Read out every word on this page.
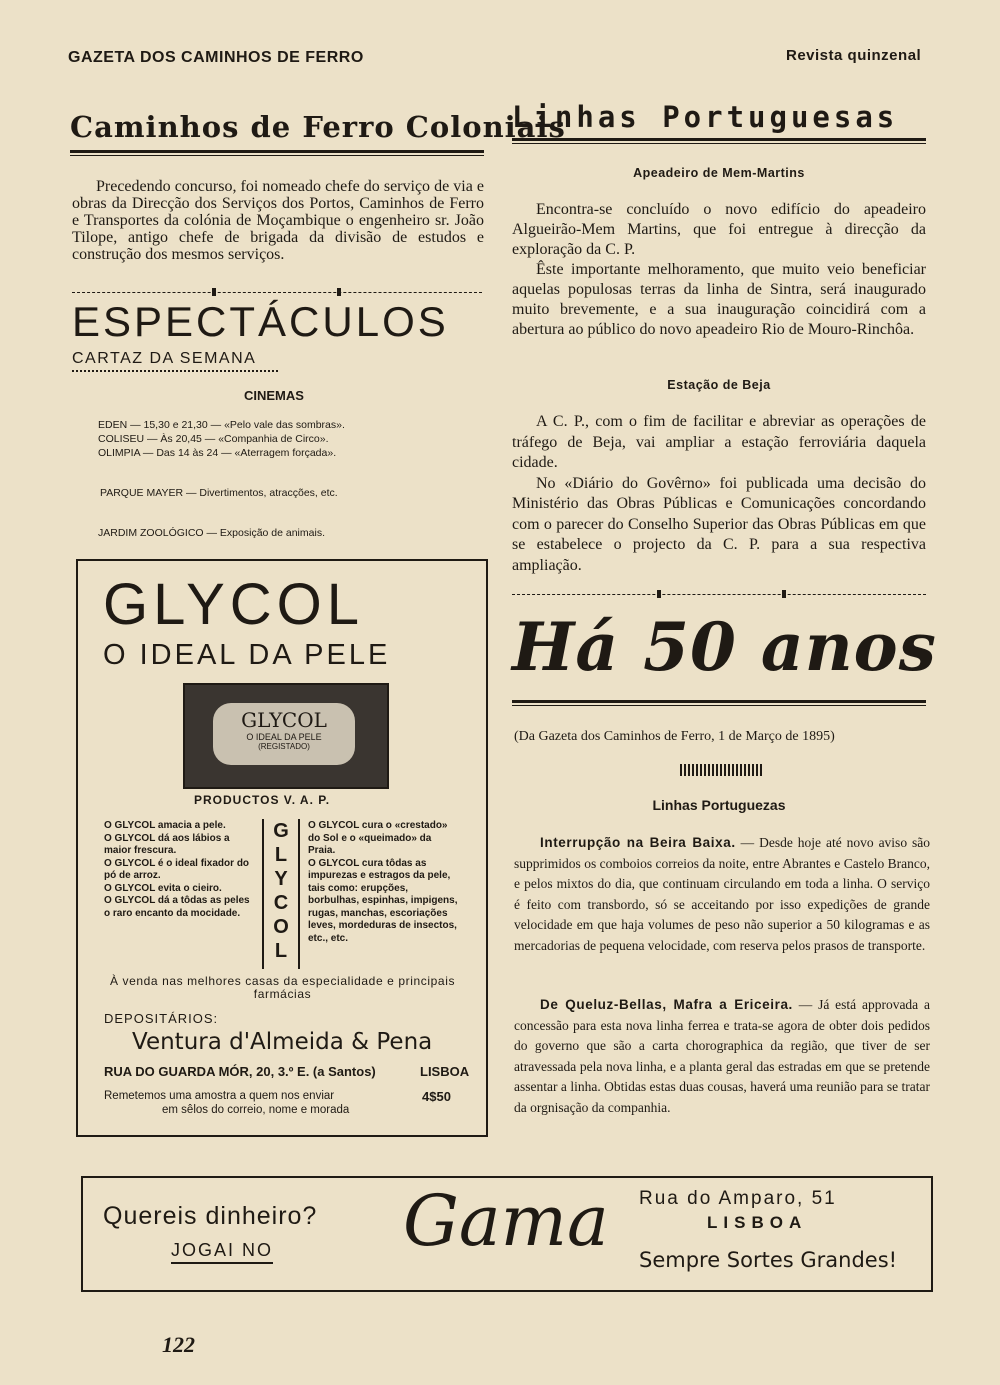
GAZETA DOS CAMINHOS DE FERRO	Revista quinzenal
Caminhos de Ferro Coloniais

Precedendo concurso, foi nomeado chefe do serviço de via e obras da Direcção dos Serviços dos Portos, Caminhos de Ferro e Transportes da colónia de Moçambique o engenheiro sr. João Tilope, antigo chefe de brigada da divisão de estudos e construção dos mesmos serviços.

ESPECTÁCULOS
CARTAZ DA SEMANA
CINEMAS
EDEN — 15,30 e 21,30 — «Pelo vale das sombras».
COLISEU — Às 20,45 — «Companhia de Circo».
OLIMPIA — Das 14 às 24 — «Aterragem forçada».
PARQUE MAYER — Divertimentos, atracções, etc.
JARDIM ZOOLÓGICO — Exposição de animais.
GLYCOL
O IDEAL DA PELE
GLYCOL
O IDEAL DA PELE
(REGISTADO)
PRODUCTOS V. A. P.
O GLYCOL amacia a pele.
O GLYCOL dá aos lábios a maior frescura.
O GLYCOL é o ideal fixador do pó de arroz.
O GLYCOL evita o cieiro.
O GLYCOL dá a tôdas as peles o raro encanto da mocidade.
G
L
Y
C
O
L
O GLYCOL cura o «crestado» do Sol e o «queimado» da Praia.
O GLYCOL cura tôdas as impurezas e estragos da pele, tais como: erupções, borbulhas, espinhas, impigens, rugas, manchas, escoriações leves, mordeduras de insectos, etc., etc.
À venda nas melhores casas da especialidade e principais farmácias
DEPOSITÁRIOS:
Ventura d'Almeida & Pena
RUA DO GUARDA MÓR, 20, 3.º E. (a Santos)	LISBOA
Remetemos uma amostra a quem nos enviar	4$50
em sêlos do correio, nome e morada
Linhas Portuguesas
Apeadeiro de Mem-Martins

Encontra-se concluído o novo edifício do apeadeiro Algueirão-Mem Martins, que foi entregue à direcção da exploração da C. P.

Êste importante melhoramento, que muito veio beneficiar aquelas populosas terras da linha de Sintra, será inaugurado muito brevemente, e a sua inauguração coincidirá com a abertura ao público do novo apeadeiro Rio de Mouro-Rinchôa.

Estação de Beja

A C. P., com o fim de facilitar e abreviar as operações de tráfego de Beja, vai ampliar a estação ferroviária daquela cidade.

No «Diário do Govêrno» foi publicada uma decisão do Ministério das Obras Públicas e Comunicações concordando com o parecer do Conselho Superior das Obras Públicas em que se estabelece o projecto da C. P. para a sua respectiva ampliação.

Há 50 anos
(Da Gazeta dos Caminhos de Ferro, 1 de Março de 1895)
Linhas Portuguezas
Interrupção na Beira Baixa. — Desde hoje até novo aviso são supprimidos os comboios correios da noite, entre Abrantes e Castelo Branco, e pelos mixtos do dia, que continuam circulando em toda a linha. O serviço é feito com transbordo, só se acceitando por isso expedições de grande velocidade em que haja volumes de peso não superior a 50 kilogramas e as mercadorias de pequena velocidade, com reserva pelos prasos de transporte.
De Queluz-Bellas, Mafra a Ericeira. — Já está approvada a concessão para esta nova linha ferrea e trata-se agora de obter dois pedidos do governo que são a carta chorographica da região, que tiver de ser atravessada pela nova linha, e a planta geral das estradas em que se pretende assentar a linha. Obtidas estas duas cousas, haverá uma reunião para se tratar da orgnisação da companhia.
Quereis dinheiro?
JOGAI NO Gama Rua do Amparo, 51
LISBOA
Sempre Sortes Grandes!
122
